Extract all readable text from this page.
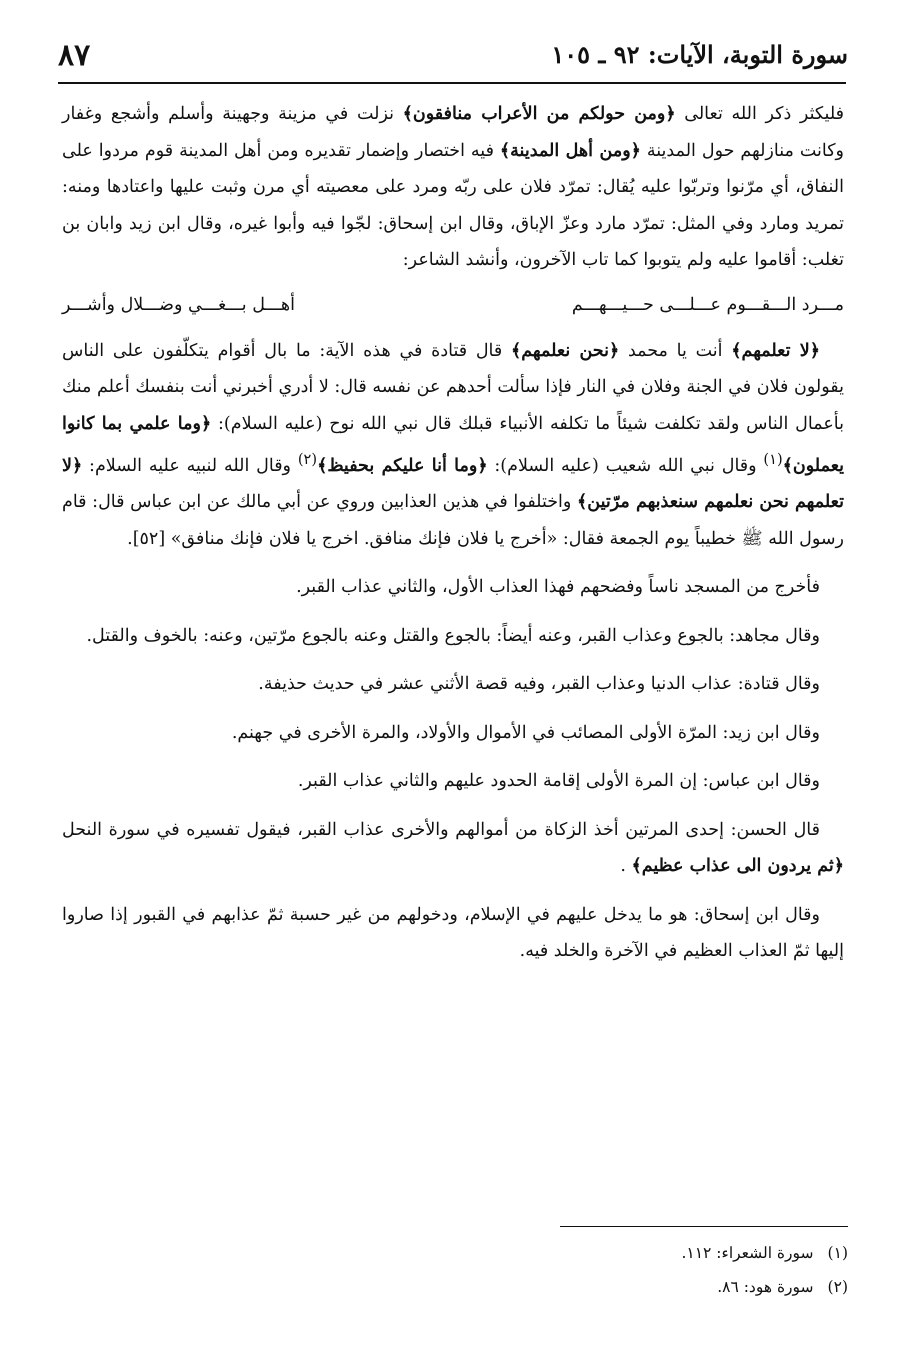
٨٧	سورة التوبة، الآيات: ٩٢ ـ ١٠٥

فليكثر ذكر الله تعالى ﴿ومن حولكم من الأعراب منافقون﴾ نزلت في مزينة وجهينة وأسلم وأشجع وغفار وكانت منازلهم حول المدينة ﴿ومن أهل المدينة﴾ فيه اختصار وإضمار تقديره ومن أهل المدينة قوم مردوا على النفاق، أي مرّنوا وتربّوا عليه يُقال: تمرّد فلان على ربّه ومرد على معصيته أي مرن وثبت عليها واعتادها ومنه: تمريد ومارد وفي المثل: تمرّد مارد وعزّ الإباق، وقال ابن إسحاق: لجّوا فيه وأبوا غيره، وقال ابن زيد وابان بن تغلب: أقاموا عليه ولم يتوبوا كما تاب الآخرون، وأنشد الشاعر:

مـــرد الـــقـــوم عـــلـــى حـــيـــهـــم
أهـــل بـــغـــي وضـــلال وأشـــر

﴿لا تعلمهم﴾ أنت يا محمد ﴿نحن نعلمهم﴾ قال قتادة في هذه الآية: ما بال أقوام يتكلّفون على الناس يقولون فلان في الجنة وفلان في النار فإذا سألت أحدهم عن نفسه قال: لا أدري أخبرني أنت بنفسك أعلم منك بأعمال الناس ولقد تكلفت شيئاً ما تكلفه الأنبياء قبلك قال نبي الله نوح (عليه السلام): ﴿وما علمي بما كانوا يعملون﴾$^{(١)}$ وقال نبي الله شعيب (عليه السلام): ﴿وما أنا عليكم بحفيظ﴾$^{(٢)}$ وقال الله لنبيه عليه السلام: ﴿لا تعلمهم نحن نعلمهم سنعذبهم مرّتين﴾ واختلفوا في هذين العذابين وروي عن أبي مالك عن ابن عباس قال: قام رسول الله ﷺ خطيباً يوم الجمعة فقال: «أخرج يا فلان فإنك منافق. اخرج يا فلان فإنك منافق» [٥٢].

فأخرج من المسجد ناساً وفضحهم فهذا العذاب الأول، والثاني عذاب القبر.

وقال مجاهد: بالجوع وعذاب القبر، وعنه أيضاً: بالجوع والقتل وعنه بالجوع مرّتين، وعنه: بالخوف والقتل.

وقال قتادة: عذاب الدنيا وعذاب القبر، وفيه قصة الأثني عشر في حديث حذيفة.

وقال ابن زيد: المرّة الأولى المصائب في الأموال والأولاد، والمرة الأخرى في جهنم.

وقال ابن عباس: إن المرة الأولى إقامة الحدود عليهم والثاني عذاب القبر.

قال الحسن: إحدى المرتين أخذ الزكاة من أموالهم والأخرى عذاب القبر، فيقول تفسيره في سورة النحل ﴿ثم يردون الى عذاب عظيم﴾ .

وقال ابن إسحاق: هو ما يدخل عليهم في الإسلام، ودخولهم من غير حسبة ثمّ عذابهم في القبور إذا صاروا إليها ثمّ العذاب العظيم في الآخرة والخلد فيه.

(١)
سورة الشعراء: ١١٢.
(٢)
سورة هود: ٨٦.
